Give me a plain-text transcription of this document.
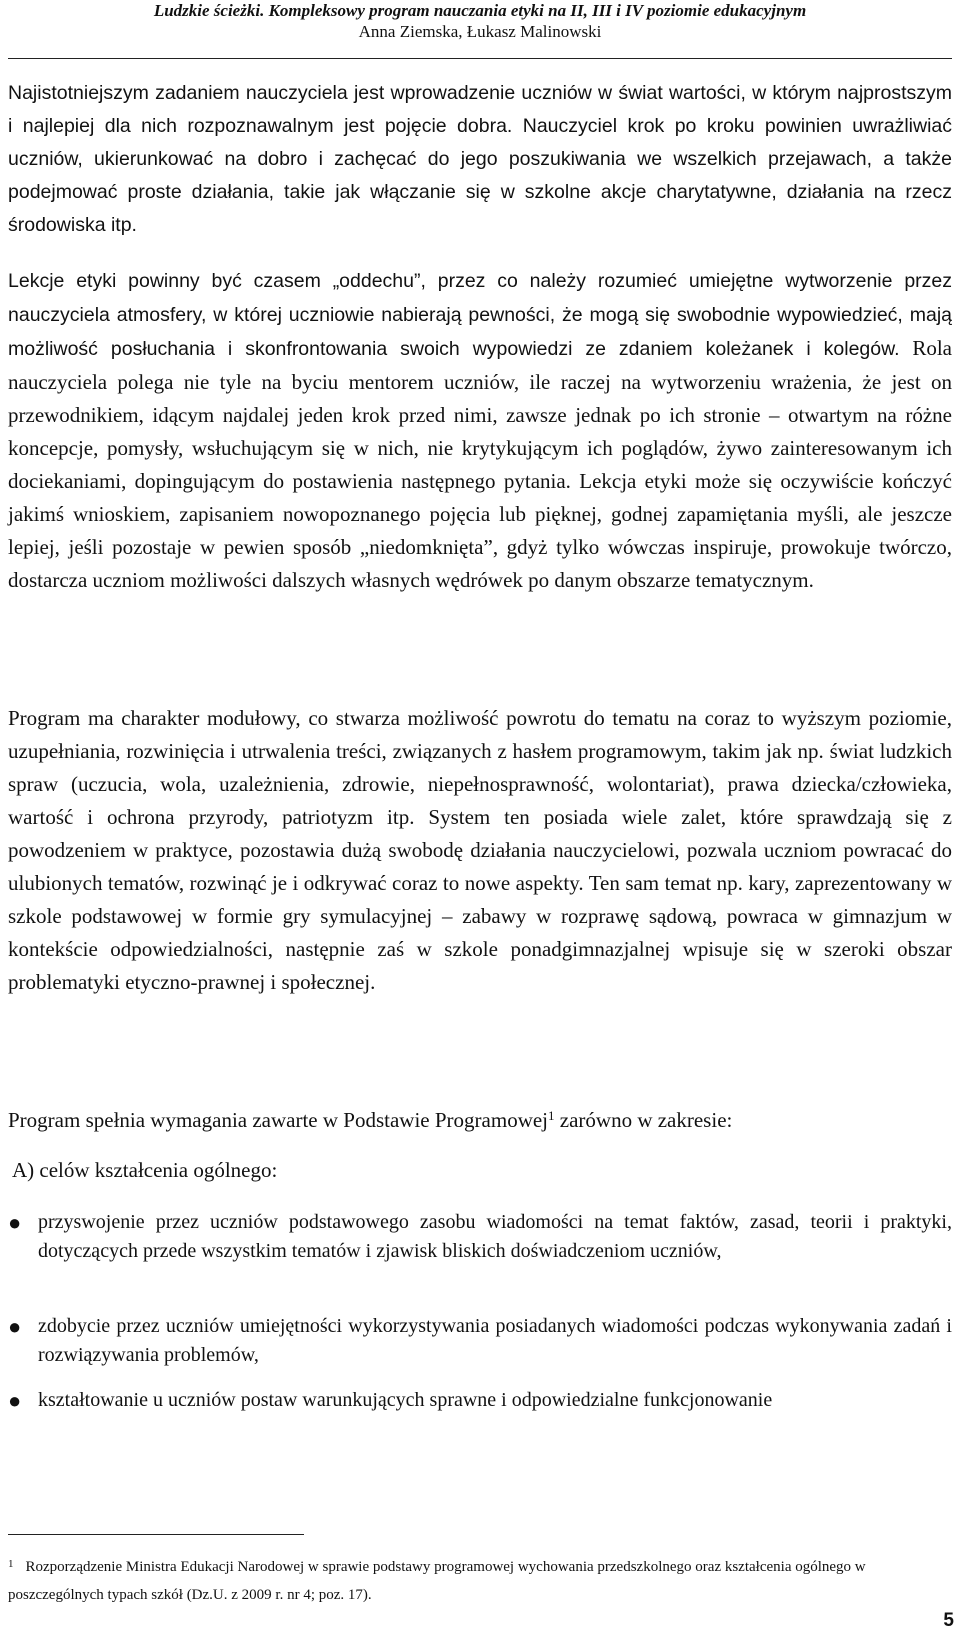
Ludzkie ścieżki. Kompleksowy program nauczania etyki na II, III i IV poziomie edukacyjnym
Anna Ziemska, Łukasz Malinowski

Najistotniejszym zadaniem nauczyciela jest wprowadzenie uczniów w świat wartości, w którym najprostszym i najlepiej dla nich rozpoznawalnym jest pojęcie dobra. Nauczyciel krok po kroku powinien uwrażliwiać uczniów, ukierunkować na dobro i zachęcać do jego poszukiwania we wszelkich przejawach, a także podejmować proste działania, takie jak włączanie się w szkolne akcje charytatywne, działania na rzecz środowiska itp.

Lekcje etyki powinny być czasem „oddechu”, przez co należy rozumieć umiejętne wytworzenie przez nauczyciela atmosfery, w której uczniowie nabierają pewności, że mogą się swobodnie wypowiedzieć, mają możliwość posłuchania i skonfrontowania swoich wypowiedzi ze zdaniem koleżanek i kolegów. Rola nauczyciela polega nie tyle na byciu mentorem uczniów, ile raczej na wytworzeniu wrażenia, że jest on przewodnikiem, idącym najdalej jeden krok przed nimi, zawsze jednak po ich stronie – otwartym na różne koncepcje, pomysły, wsłuchującym się w nich, nie krytykującym ich poglądów, żywo zainteresowanym ich dociekaniami, dopingującym do postawienia następnego pytania. Lekcja etyki może się oczywiście kończyć jakimś wnioskiem, zapisaniem nowopoznanego pojęcia lub pięknej, godnej zapamiętania myśli, ale jeszcze lepiej, jeśli pozostaje w pewien sposób „niedomknięta”, gdyż tylko wówczas inspiruje, prowokuje twórczo, dostarcza uczniom możliwości dalszych własnych wędrówek po danym obszarze tematycznym.

Program ma charakter modułowy, co stwarza możliwość powrotu do tematu na coraz to wyższym poziomie, uzupełniania, rozwinięcia i utrwalenia treści, związanych z hasłem programowym, takim jak np. świat ludzkich spraw (uczucia, wola, uzależnienia, zdrowie, niepełnosprawność, wolontariat), prawa dziecka/człowieka, wartość i ochrona przyrody, patriotyzm itp. System ten posiada wiele zalet, które sprawdzają się z powodzeniem w praktyce, pozostawia dużą swobodę działania nauczycielowi, pozwala uczniom powracać do ulubionych tematów, rozwinąć je i odkrywać coraz to nowe aspekty. Ten sam temat np. kary, zaprezentowany w szkole podstawowej w formie gry symulacyjnej – zabawy w rozprawę sądową, powraca w gimnazjum w kontekście odpowiedzialności, następnie zaś w szkole ponadgimnazjalnej wpisuje się w szeroki obszar problematyki etyczno-prawnej i społecznej.

Program spełnia wymagania zawarte w Podstawie Programowej$^1$ zarówno w zakresie:

A) celów kształcenia ogólnego:

● przyswojenie przez uczniów podstawowego zasobu wiadomości na temat faktów, zasad, teorii i praktyki, dotyczących przede wszystkim tematów i zjawisk bliskich doświadczeniom uczniów,
● zdobycie przez uczniów umiejętności wykorzystywania posiadanych wiadomości podczas wykonywania zadań i rozwiązywania problemów,
● kształtowanie u uczniów postaw warunkujących sprawne i odpowiedzialne funkcjonowanie

$^1$ Rozporządzenie Ministra Edukacji Narodowej w sprawie podstawy programowej wychowania przedszkolnego oraz kształcenia ogólnego w poszczególnych typach szkół (Dz.U. z 2009 r. nr 4; poz. 17).

5
